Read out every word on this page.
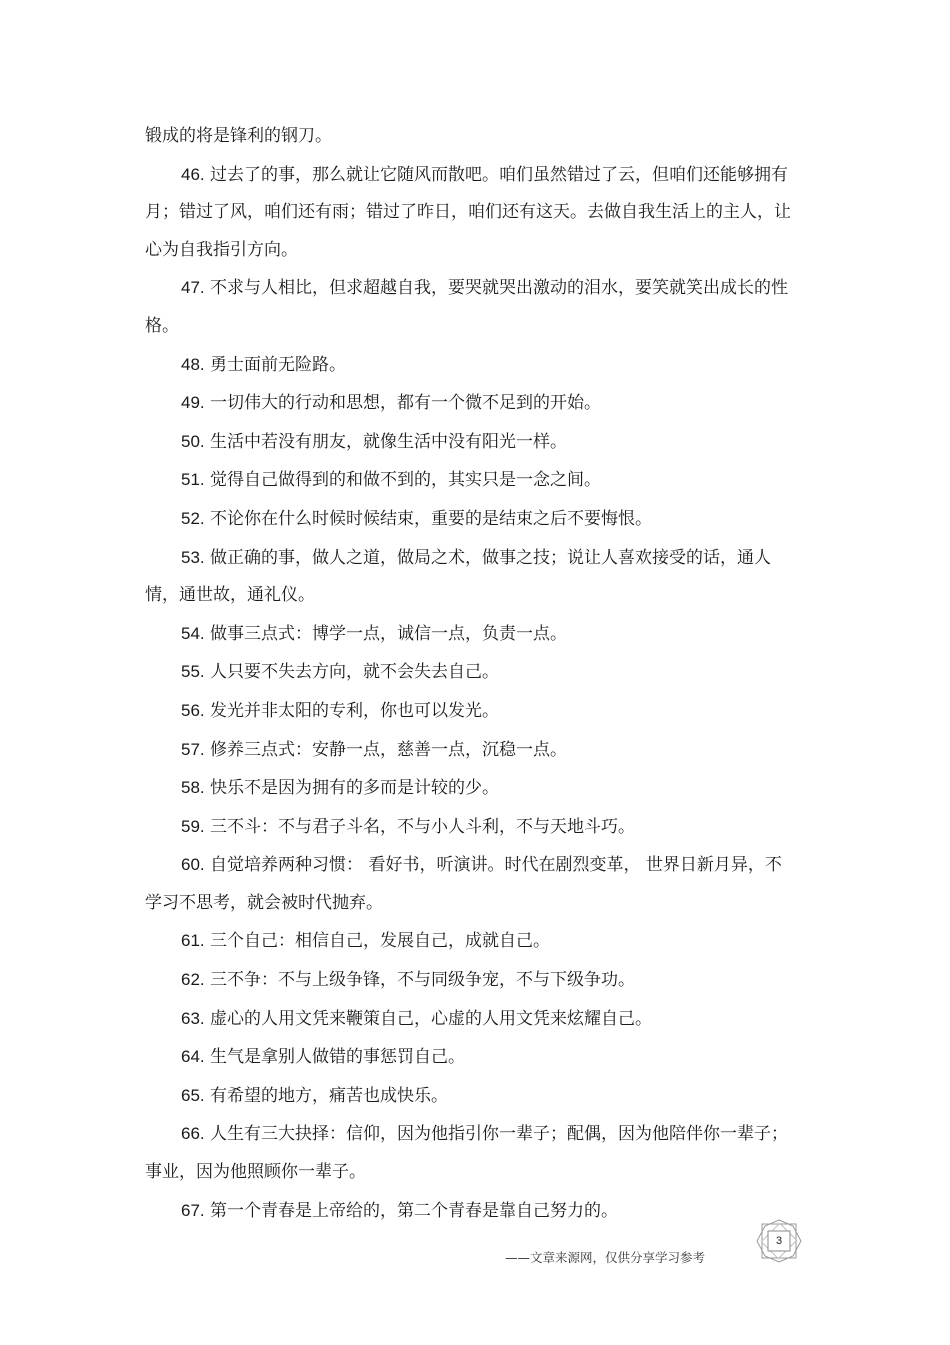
锻成的将是锋利的钢刀。

46. 过去了的事，那么就让它随风而散吧。咱们虽然错过了云，但咱们还能够拥有月；错过了风，咱们还有雨；错过了昨日，咱们还有这天。去做自我生活上的主人，让心为自我指引方向。

47. 不求与人相比，但求超越自我，要哭就哭出激动的泪水，要笑就笑出成长的性格。

48. 勇士面前无险路。

49. 一切伟大的行动和思想，都有一个微不足到的开始。

50. 生活中若没有朋友，就像生活中没有阳光一样。

51. 觉得自己做得到的和做不到的，其实只是一念之间。

52. 不论你在什么时候时候结束，重要的是结束之后不要悔恨。

53. 做正确的事，做人之道，做局之术，做事之技；说让人喜欢接受的话，通人情，通世故，通礼仪。

54. 做事三点式：博学一点，诚信一点，负责一点。

55. 人只要不失去方向，就不会失去自己。

56. 发光并非太阳的专利，你也可以发光。

57. 修养三点式：安静一点，慈善一点，沉稳一点。

58. 快乐不是因为拥有的多而是计较的少。

59. 三不斗：不与君子斗名，不与小人斗利，不与天地斗巧。

60. 自觉培养两种习惯： 看好书，听演讲。时代在剧烈变革， 世界日新月异，不学习不思考，就会被时代抛弃。

61. 三个自己：相信自己，发展自己，成就自己。

62. 三不争：不与上级争锋，不与同级争宠，不与下级争功。

63. 虚心的人用文凭来鞭策自己，心虚的人用文凭来炫耀自己。

64. 生气是拿别人做错的事惩罚自己。

65. 有希望的地方，痛苦也成快乐。

66. 人生有三大抉择：信仰，因为他指引你一辈子；配偶，因为他陪伴你一辈子；事业，因为他照顾你一辈子。

67. 第一个青春是上帝给的，第二个青春是靠自己努力的。

——文章来源网，仅供分享学习参考
3
